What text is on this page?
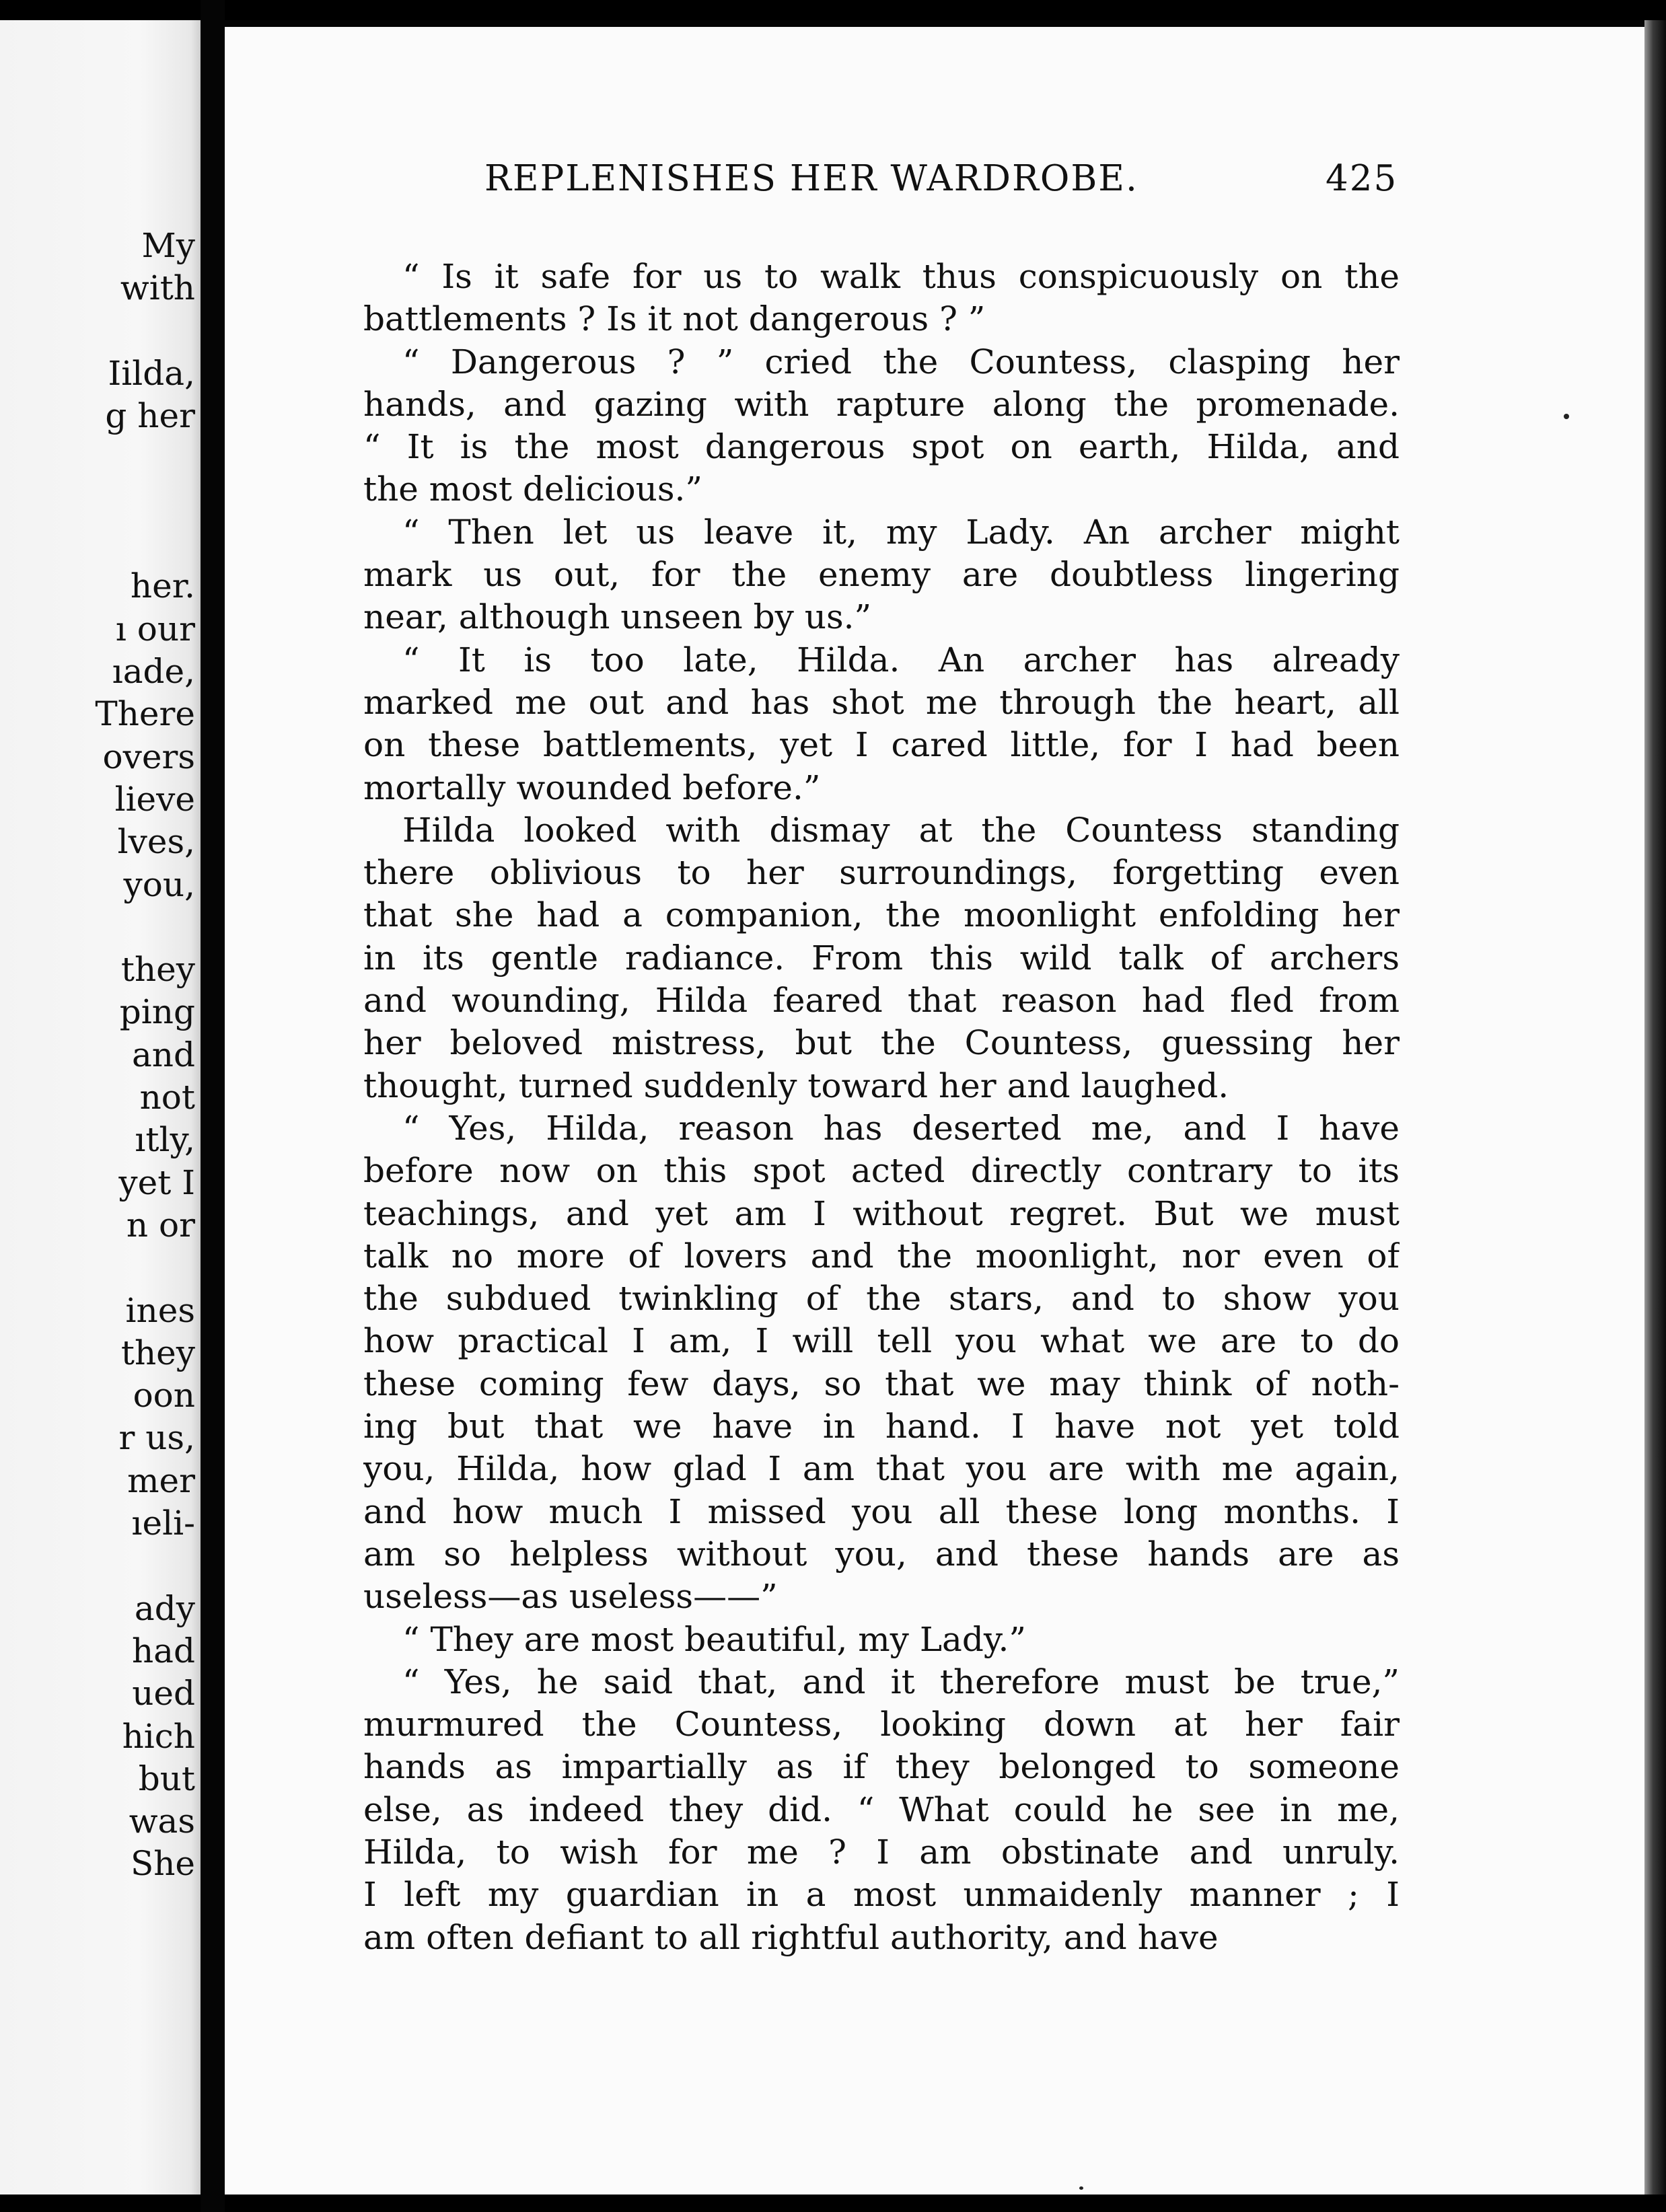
My
with
Iilda,
g her
her.
ı our
ıade,
There
overs
lieve
lves,
you,
they
ping
and
not
ıtly,
yet I
n or
ines
they
oon
r us,
mer
ıeli-
ady
had
ued
hich
but
was
She
REPLENISHES HER WARDROBE.	425
“ Is it safe for us to walk thus conspicuously on the
battlements ? Is it not dangerous ? ”
“ Dangerous ? ” cried the Countess, clasping her
hands, and gazing with rapture along the promenade.
“ It is the most dangerous spot on earth, Hilda, and
the most delicious.”
“ Then let us leave it, my Lady. An archer might
mark us out, for the enemy are doubtless lingering
near, although unseen by us.”
“ It is too late, Hilda. An archer has already
marked me out and has shot me through the heart, all
on these battlements, yet I cared little, for I had been
mortally wounded before.”
Hilda looked with dismay at the Countess standing
there oblivious to her surroundings, forgetting even
that she had a companion, the moonlight enfolding her
in its gentle radiance. From this wild talk of archers
and wounding, Hilda feared that reason had fled from
her beloved mistress, but the Countess, guessing her
thought, turned suddenly toward her and laughed.
“ Yes, Hilda, reason has deserted me, and I have
before now on this spot acted directly contrary to its
teachings, and yet am I without regret. But we must
talk no more of lovers and the moonlight, nor even of
the subdued twinkling of the stars, and to show you
how practical I am, I will tell you what we are to do
these coming few days, so that we may think of noth-
ing but that we have in hand. I have not yet told
you, Hilda, how glad I am that you are with me again,
and how much I missed you all these long months. I
am so helpless without you, and these hands are as
useless—as useless——”
“ They are most beautiful, my Lady.”
“ Yes, he said that, and it therefore must be true,”
murmured the Countess, looking down at her fair
hands as impartially as if they belonged to someone
else, as indeed they did. “ What could he see in me,
Hilda, to wish for me ? I am obstinate and unruly.
I left my guardian in a most unmaidenly manner ; I
am often defiant to all rightful authority, and have
